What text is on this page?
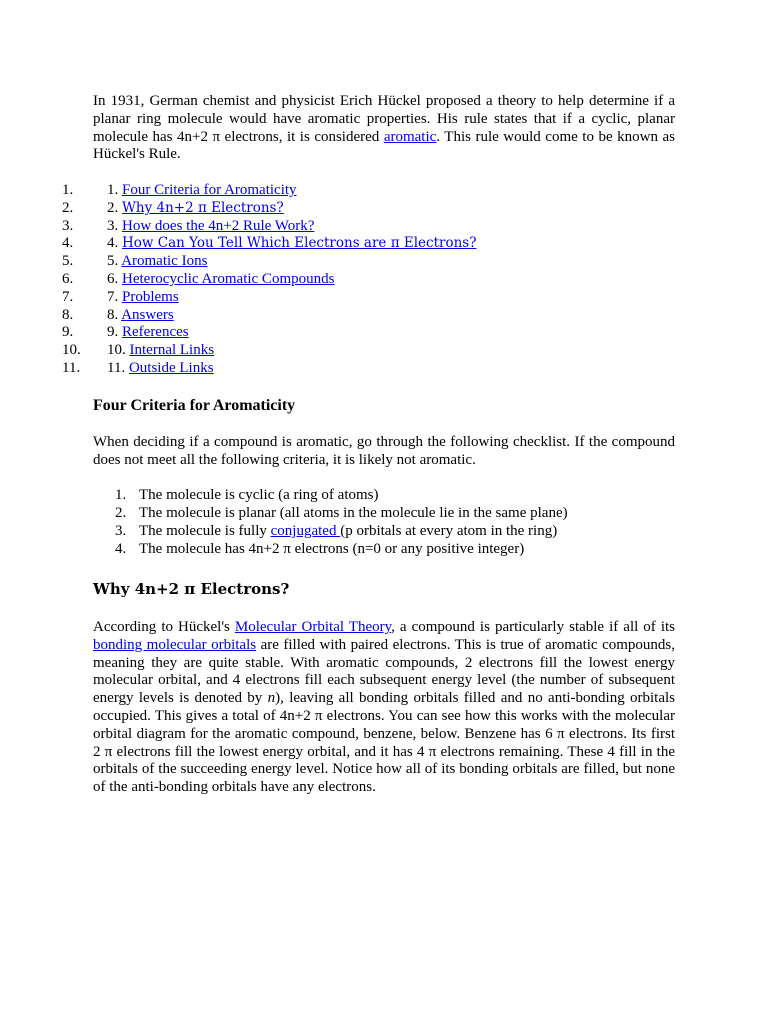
In 1931, German chemist and physicist Erich Hückel proposed a theory to help determine if a planar ring molecule would have aromatic properties. His rule states that if a cyclic, planar molecule has 4n+2 π electrons, it is considered aromatic. This rule would come to be known as Hückel's Rule.

1. 1. Four Criteria for Aromaticity
2. 2. Why 4n+2 π Electrons?
3. 3. How does the 4n+2 Rule Work?
4. 4. How Can You Tell Which Electrons are π Electrons?
5. 5. Aromatic Ions
6. 6. Heterocyclic Aromatic Compounds
7. 7. Problems
8. 8. Answers
9. 9. References
10. 10. Internal Links
11. 11. Outside Links
Four Criteria for Aromaticity

When deciding if a compound is aromatic, go through the following checklist. If the compound does not meet all the following criteria, it is likely not aromatic.

1. The molecule is cyclic (a ring of atoms)
2. The molecule is planar (all atoms in the molecule lie in the same plane)
3. The molecule is fully conjugated (p orbitals at every atom in the ring)
4. The molecule has 4n+2 π electrons (n=0 or any positive integer)
Why 4n+2 π Electrons?

According to Hückel's Molecular Orbital Theory, a compound is particularly stable if all of its bonding molecular orbitals are filled with paired electrons. This is true of aromatic compounds, meaning they are quite stable. With aromatic compounds, 2 electrons fill the lowest energy molecular orbital, and 4 electrons fill each subsequent energy level (the number of subsequent energy levels is denoted by n), leaving all bonding orbitals filled and no anti-bonding orbitals occupied. This gives a total of 4n+2 π electrons. You can see how this works with the molecular orbital diagram for the aromatic compound, benzene, below. Benzene has 6 π electrons. Its first 2 π electrons fill the lowest energy orbital, and it has 4 π electrons remaining. These 4 fill in the orbitals of the succeeding energy level. Notice how all of its bonding orbitals are filled, but none of the anti-bonding orbitals have any electrons.
